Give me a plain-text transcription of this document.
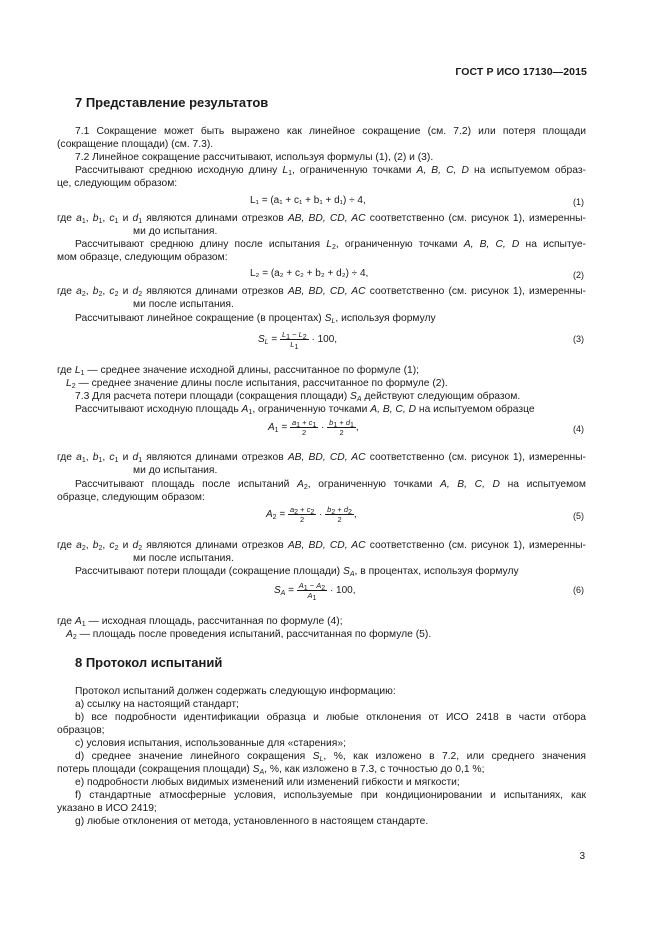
ГОСТ Р ИСО 17130—2015
7 Представление результатов
7.1 Сокращение может быть выражено как линейное сокращение (см. 7.2) или потеря площади
(сокращение площади) (см. 7.3).
7.2 Линейное сокращение рассчитывают, используя формулы (1), (2) и (3).
Рассчитывают среднюю исходную длину $L_1$, ограниченную точками A, B, C, D на испытуемом образ-
це, следующим образом:
L₁ = (a₁ + c₁ + b₁ + d₁) ÷ 4,	(1)
где $a_1$, $b_1$, $c_1$ и $d_1$ являются длинами отрезков AB, BD, CD, AC соответственно (см. рисунок 1), измеренны-
ми до испытания.
Рассчитывают среднюю длину после испытания $L_2$, ограниченную точками A, B, C, D на испытуе-
мом образце, следующим образом:
L₂ = (a₂ + c₂ + b₂ + d₂) ÷ 4,	(2)
где $a_2$, $b_2$, $c_2$ и $d_2$ являются длинами отрезков AB, BD, CD, AC соответственно (см. рисунок 1), измеренны-
ми после испытания.
Рассчитывают линейное сокращение (в процентах) $S_L$, используя формулу
$S_L = \frac{L_1 - L_2}{L_1} \cdot 100$,	(3)
где $L_1$ — среднее значение исходной длины, рассчитанное по формуле (1);
$L_2$ — среднее значение длины после испытания, рассчитанное по формуле (2).
7.3 Для расчета потери площади (сокращения площади) $S_A$ действуют следующим образом.
Рассчитывают исходную площадь $A_1$, ограниченную точками A, B, C, D на испытуемом образце
$A_1 = \frac{a_1 + c_1}{2} \cdot \frac{b_1 + d_1}{2}$ ,	(4)
где $a_1$, $b_1$, $c_1$ и $d_1$ являются длинами отрезков AB, BD, CD, AC соответственно (см. рисунок 1), измеренны-
ми до испытания.
Рассчитывают площадь после испытаний $A_2$, ограниченную точками A, B, C, D на испытуемом
образце, следующим образом:
$A_2 = \frac{a_2 + c_2}{2} \cdot \frac{b_2 + d_2}{2}$ ,	(5)
где $a_2$, $b_2$, $c_2$ и $d_2$ являются длинами отрезков AB, BD, CD, AC соответственно (см. рисунок 1), измеренны-
ми после испытания.
Рассчитывают потери площади (сокращение площади) $S_A$, в процентах, используя формулу
$S_A = \frac{A_1 - A_2}{A_1} \cdot 100$,	(6)
где $A_1$ — исходная площадь, рассчитанная по формуле (4);
$A_2$ — площадь после проведения испытаний, рассчитанная по формуле (5).
8 Протокол испытаний
Протокол испытаний должен содержать следующую информацию:
a) ссылку на настоящий стандарт;
b) все подробности идентификации образца и любые отклонения от ИСО 2418 в части отбора
образцов;
c) условия испытания, использованные для «старения»;
d) среднее значение линейного сокращения $S_L$, %, как изложено в 7.2, или среднего значения
потерь площади (сокращения площади) $S_A$, %, как изложено в 7.3, с точностью до 0,1 %;
e) подробности любых видимых изменений или изменений гибкости и мягкости;
f) стандартные атмосферные условия, используемые при кондиционировании и испытаниях, как
указано в ИСО 2419;
g) любые отклонения от метода, установленного в настоящем стандарте.
3
